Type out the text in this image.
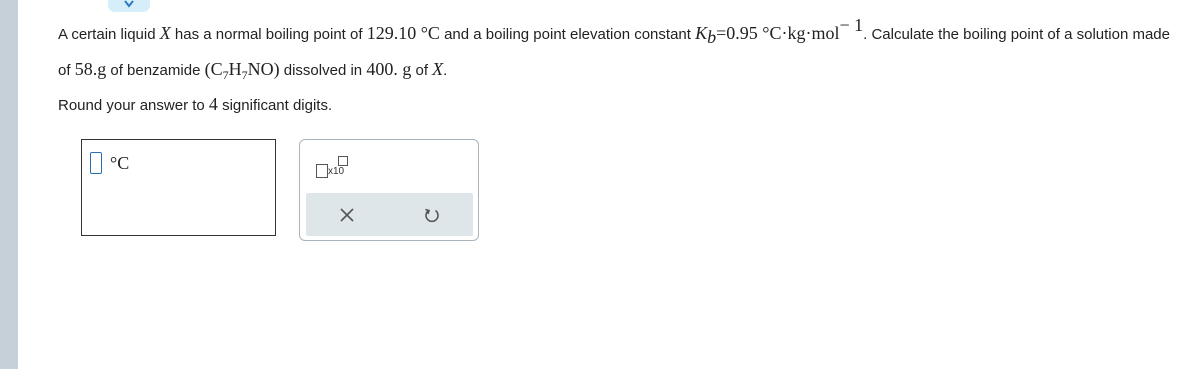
A certain liquid X has a normal boiling point of 129.10 °C and a boiling point elevation constant $K_b=0.95$ °C·kg·mol$^{- 1}$. Calculate the boiling point of a solution made of 58.g of benzamide $(C_7H_7NO)$ dissolved in 400. g of X.
Round your answer to 4 significant digits.
°C	x10
